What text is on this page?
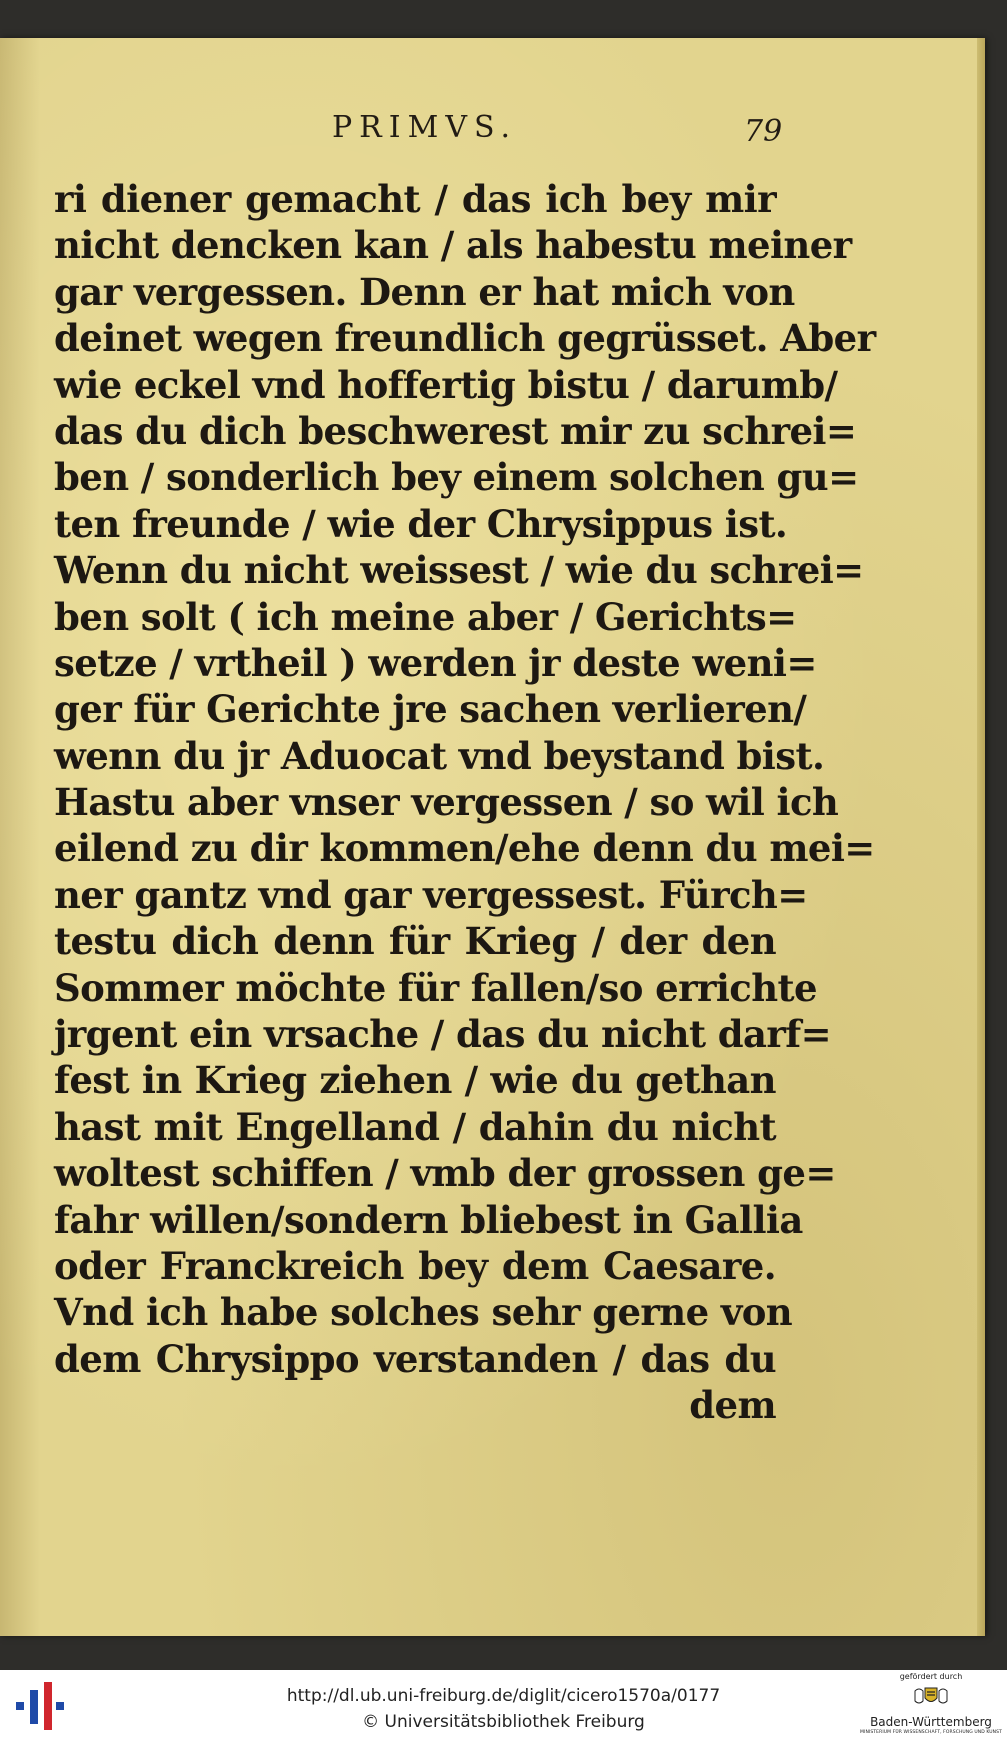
PRIMVS.	79
ri diener gemacht / das ich bey mir
nicht dencken kan / als habestu meiner
gar vergessen. Denn er hat mich von
deinet wegen freundlich gegrüsset. Aber
wie eckel vnd hoffertig bistu / darumb/
das du dich beschwerest mir zu schrei=
ben / sonderlich bey einem solchen gu=
ten freunde / wie der Chrysippus ist.
Wenn du nicht weissest / wie du schrei=
ben solt ( ich meine aber / Gerichts=
setze / vrtheil ) werden jr deste weni=
ger für Gerichte jre sachen verlieren/
wenn du jr Aduocat vnd beystand bist.
Hastu aber vnser vergessen / so wil ich
eilend zu dir kommen/ehe denn du mei=
ner gantz vnd gar vergessest. Fürch=
testu dich denn für Krieg / der den
Sommer möchte für fallen/so errichte
jrgent ein vrsache / das du nicht darf=
fest in Krieg ziehen / wie du gethan
hast mit Engelland / dahin du nicht
woltest schiffen / vmb der grossen ge=
fahr willen/sondern bliebest in Gallia
oder Franckreich bey dem Caesare.
Vnd ich habe solches sehr gerne von
dem Chrysippo verstanden / das du
dem
http://dl.ub.uni-freiburg.de/diglit/cicero1570a/0177
© Universitätsbibliothek Freiburg
gefördert durch
Baden-Württemberg
MINISTERIUM FÜR WISSENSCHAFT, FORSCHUNG UND KUNST
